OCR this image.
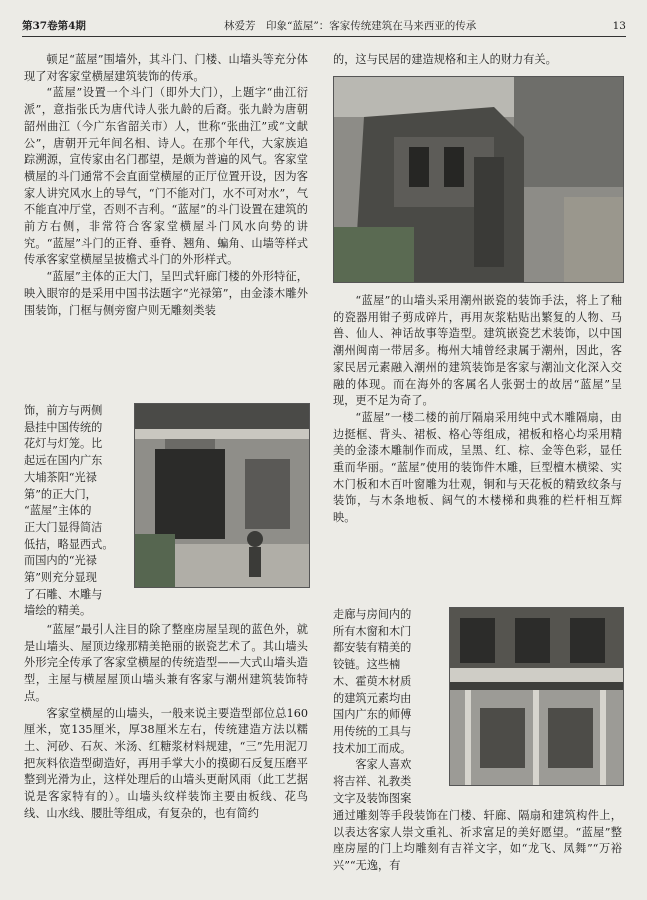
第37卷第4期	林爱芳　印象“蓝屋”：客家传统建筑在马来西亚的传承	13

顿足“蓝屋”围墙外，其斗门、门楼、山墙头等充分体现了对客家堂横屋建筑装饰的传承。

“蓝屋”设置一个斗门（即外大门），上题字“曲江衍派”，意指张氏为唐代诗人张九龄的后裔。张九龄为唐朝韶州曲江（今广东省韶关市）人，世称“张曲江”或“文献公”，唐朝开元年间名相、诗人。在那个年代，大家族追踪溯源，宣传家由名门郡望，是颇为普遍的风气。客家堂横屋的斗门通常不会直面堂横屋的正厅位置开设，因为客家人讲究风水上的导气，“门不能对门，水不可对水”，气不能直冲厅堂，否则不吉利。“蓝屋”的斗门设置在建筑的前方右侧，非常符合客家堂横屋斗门风水向势的讲究。“蓝屋”斗门的正脊、垂脊、翘角、蝙角、山墙等样式传承客家堂横屋呈披檐式斗门的外形样式。

“蓝屋”主体的正大门，呈凹式轩廊门楼的外形特征，映入眼帘的是采用中国书法题字“光禄第”，由金漆木雕外围装饰，门框与侧旁窗户则无雕刻类装

饰，前方与两侧
悬挂中国传统的
花灯与灯笼。比
起远在国内广东
大埔茶阳“光禄
第”的正大门，
“蓝屋”主体的
正大门显得简洁
低拮，略显西式。
而国内的“光禄
第”则充分显现
了石雕、木雕与
墙绘的精美。

“蓝屋”最引人注目的除了整座房屋呈现的蓝色外，就是山墙头、屋顶边缘那精美艳丽的嵌瓷艺术了。其山墙头外形完全传承了客家堂横屋的传统造型——大式山墙头造型，主屋与横屋屋顶山墙头兼有客家与潮州建筑装饰特点。

客家堂横屋的山墙头，一般来说主要造型部位总160厘米，宽135厘米，厚38厘米左右，传统建造方法以糯土、河砂、石灰、米汤、红糖浆材料规建，“三”先用泥刀把灰料依造型砌造好，再用手掌大小的摸砌石反复压磨平整到光滑为止，这样处理后的山墙头更耐风雨（此工艺据说是客家特有的）。山墙头纹样装饰主要由板线、花鸟线、山水线、腰肚等组成，有复杂的，也有简约

的，这与民居的建造规格和主人的财力有关。

“蓝屋”的山墙头采用潮州嵌瓷的装饰手法，将上了釉的瓷器用钳子剪成碎片，再用灰浆粘贴出繁复的人物、马兽、仙人、神话故事等造型。建筑嵌瓷艺术装饰，以中国潮州闽南一带居多。梅州大埔曾经隶属于潮州，因此，客家民居元素融入潮州的建筑装饰是客家与潮汕文化深入交融的体现。而在海外的客属名人张弼士的故居“蓝屋”呈现，更不足为奇了。

“蓝屋”一楼二楼的前厅隔扇采用纯中式木雕隔扇，由边挺框、背头、裙板、格心等组成，裙板和格心均采用精美的金漆木雕制作而成，呈黑、红、棕、金等色彩，显任重而华丽。“蓝屋”使用的装饰件木雕，巨型檀木横梁、实木门板和木百叶窗雕为壮观，铜和与天花板的精致纹条与装饰，与木条地板、阔气的木楼梯和典雅的栏杆相互辉映。

走廊与房间内的
所有木窗和木门
都安装有精美的
铰链。这些楠
木、霍萸木材质
的建筑元素均由
国内广东的师傅
用传统的工具与
技术加工而成。
客家人喜欢
将吉祥、礼教类
文字及装饰图案

通过雕刻等手段装饰在门楼、轩廊、隔扇和建筑构件上，以表达客家人崇文重礼、祈求富足的美好愿望。“蓝屋”整座房屋的门上均雕刻有吉祥文字，如“龙飞、凤舞”“万裕兴”“无逸，有
